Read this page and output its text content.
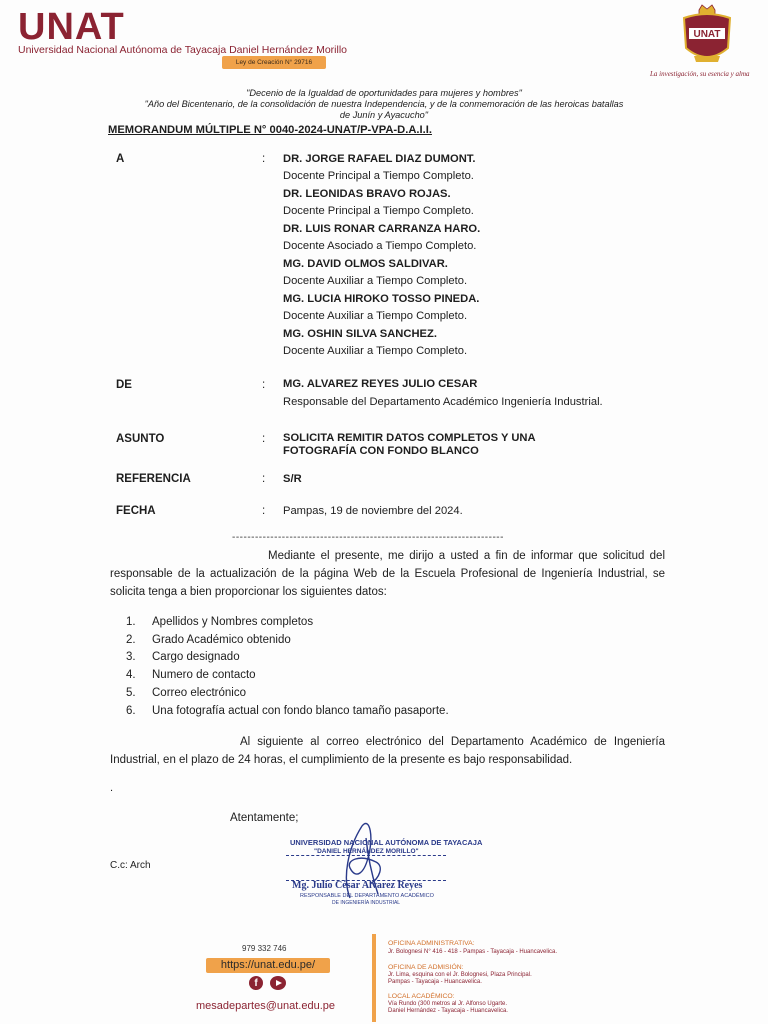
UNAT
Universidad Nacional Autónoma de Tayacaja Daniel Hernández Morillo
Ley de Creación N° 29716
UNAT
La investigación, su esencia y alma
"Decenio de la Igualdad de oportunidades para mujeres y hombres"
"Año del Bicentenario, de la consolidación de nuestra Independencia, y de la conmemoración de las heroicas batallas
de Junín y Ayacucho"
MEMORANDUM MÚLTIPLE N° 0040-2024-UNAT/P-VPA-D.A.I.I.
A	: DR. JORGE RAFAEL DIAZ DUMONT.
Docente Principal a Tiempo Completo.
DR. LEONIDAS BRAVO ROJAS.
Docente Principal a Tiempo Completo.
DR. LUIS RONAR CARRANZA HARO.
Docente Asociado a Tiempo Completo.
MG. DAVID OLMOS SALDIVAR.
Docente Auxiliar a Tiempo Completo.
MG. LUCIA HIROKO TOSSO PINEDA.
Docente Auxiliar a Tiempo Completo.
MG. OSHIN SILVA SANCHEZ.
Docente Auxiliar a Tiempo Completo.
DE	: MG. ALVAREZ REYES JULIO CESAR
Responsable del Departamento Académico Ingeniería Industrial.
ASUNTO	: SOLICITA REMITIR DATOS COMPLETOS Y UNA
FOTOGRAFÍA CON FONDO BLANCO
REFERENCIA	: S/R
FECHA	: Pampas, 19 de noviembre del 2024.
-----------------------------------------------------------------------
Mediante el presente, me dirijo a usted a fin de informar que solicitud del responsable de la actualización de la página Web de la Escuela Profesional de Ingeniería Industrial, se solicita tenga a bien proporcionar los siguientes datos:
1. Apellidos y Nombres completos
2. Grado Académico obtenido
3. Cargo designado
4. Numero de contacto
5. Correo electrónico
6. Una fotografía actual con fondo blanco tamaño pasaporte.
Al siguiente al correo electrónico del Departamento Académico de Ingeniería Industrial, en el plazo de 24 horas, el cumplimiento de la presente es bajo responsabilidad.
.
Atentamente;
C.c: Arch
UNIVERSIDAD NACIONAL AUTÓNOMA DE TAYACAJA
"DANIEL HERNÁNDEZ MORILLO"
Mg. Julio César Alvarez Reyes
RESPONSABLE DEL DEPARTAMENTO ACADÉMICO
DE INGENIERÍA INDUSTRIAL
979 332 746
https://unat.edu.pe/
f
mesadepartes@unat.edu.pe
OFICINA ADMINISTRATIVA:
Jr. Bolognesi N° 416 - 418 - Pampas - Tayacaja - Huancavelica.
OFICINA DE ADMISIÓN:
Jr. Lima, esquina con el Jr. Bolognesi, Plaza Principal.
Pampas - Tayacaja - Huancavelica.
LOCAL ACADÉMICO:
Vía Rundo (300 metros al Jr. Alfonso Ugarte.
Daniel Hernández - Tayacaja - Huancavelica.
